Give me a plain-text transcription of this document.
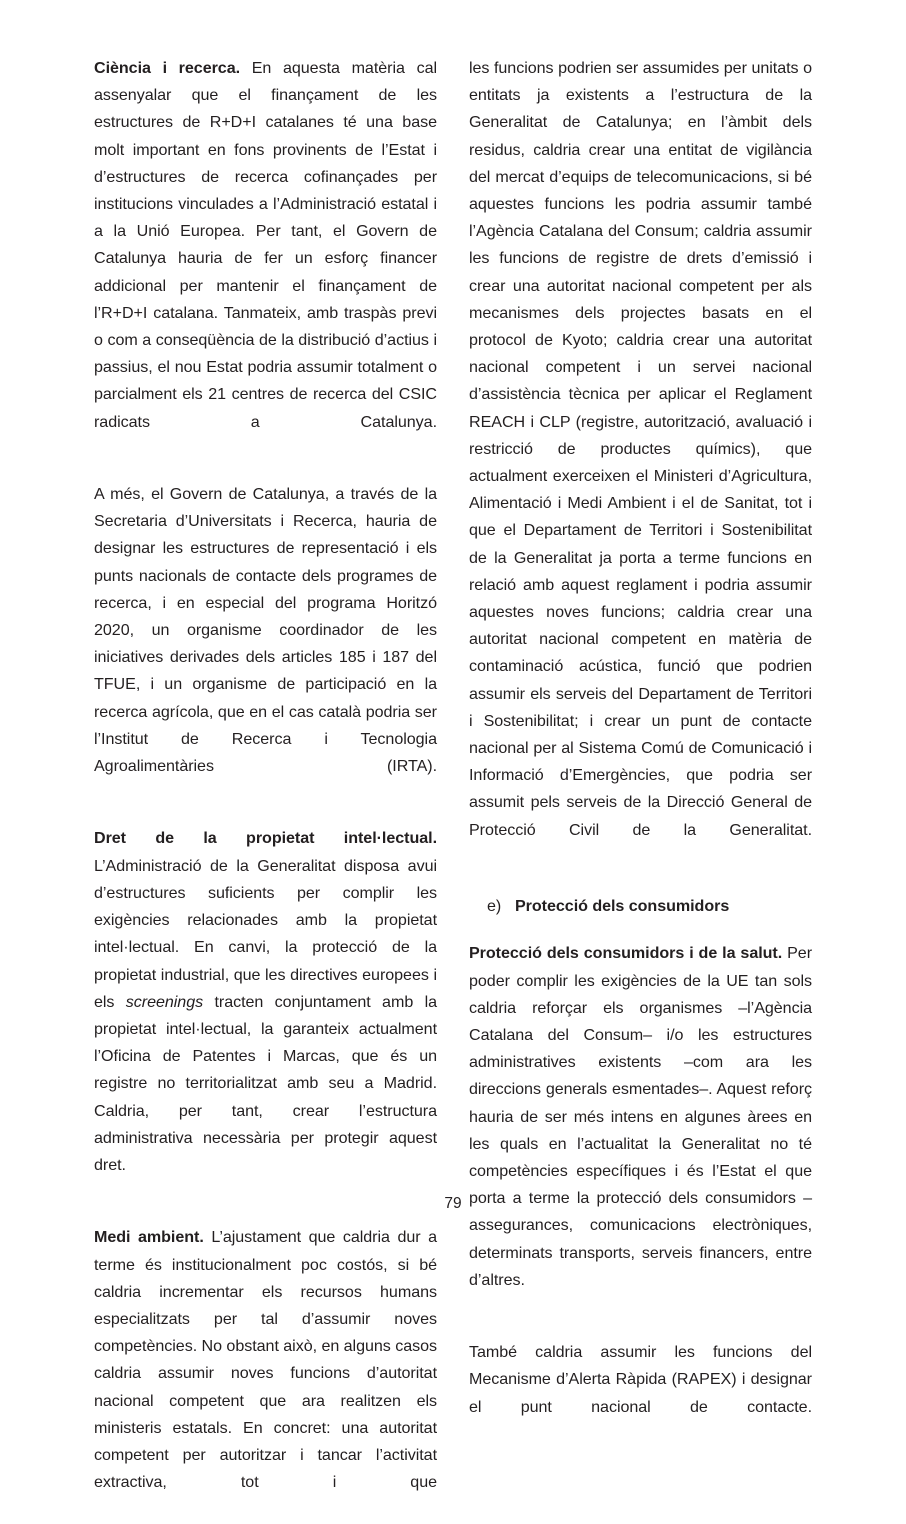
Ciència i recerca. En aquesta matèria cal assenyalar que el finançament de les estructures de R+D+I catalanes té una base molt important en fons provinents de l’Estat i d’estructures de recerca cofinançades per institucions vinculades a l’Administració estatal i a la Unió Europea. Per tant, el Govern de Catalunya hauria de fer un esforç financer addicional per mantenir el finançament de l’R+D+I catalana. Tanmateix, amb traspàs previ o com a conseqüència de la distribució d’actius i passius, el nou Estat podria assumir totalment o parcialment els 21 centres de recerca del CSIC radicats a Catalunya.

A més, el Govern de Catalunya, a través de la Secretaria d’Universitats i Recerca, hauria de designar les estructures de representació i els punts nacionals de contacte dels programes de recerca, i en especial del programa Horitzó 2020, un organisme coordinador de les iniciatives derivades dels articles 185 i 187 del TFUE, i un organisme de participació en la recerca agrícola, que en el cas català podria ser l’Institut de Recerca i Tecnologia Agroalimentàries (IRTA).

Dret de la propietat intel·lectual. L’Administració de la Generalitat disposa avui d’estructures suficients per complir les exigències relacionades amb la propietat intel·lectual. En canvi, la protecció de la propietat industrial, que les directives europees i els screenings tracten conjuntament amb la propietat intel·lectual, la garanteix actualment l’Oficina de Patentes i Marcas, que és un registre no territorialitzat amb seu a Madrid. Caldria, per tant, crear l’estructura administrativa necessària per protegir aquest dret.

Medi ambient. L’ajustament que caldria dur a terme és institucionalment poc costós, si bé caldria incrementar els recursos humans especialitzats per tal d’assumir noves competències. No obstant això, en alguns casos caldria assumir noves funcions d’autoritat nacional competent que ara realitzen els ministeris estatals. En concret: una autoritat competent per autoritzar i tancar l’activitat extractiva, tot i que

les funcions podrien ser assumides per unitats o entitats ja existents a l’estructura de la Generalitat de Catalunya; en l’àmbit dels residus, caldria crear una entitat de vigilància del mercat d’equips de telecomunicacions, si bé aquestes funcions les podria assumir també l’Agència Catalana del Consum; caldria assumir les funcions de registre de drets d’emissió i crear una autoritat nacional competent per als mecanismes dels projectes basats en el protocol de Kyoto; caldria crear una autoritat nacional competent i un servei nacional d’assistència tècnica per aplicar el Reglament REACH i CLP (registre, autorització, avaluació i restricció de productes químics), que actualment exerceixen el Ministeri d’Agricultura, Alimentació i Medi Ambient i el de Sanitat, tot i que el Departament de Territori i Sostenibilitat de la Generalitat ja porta a terme funcions en relació amb aquest reglament i podria assumir aquestes noves funcions; caldria crear una autoritat nacional competent en matèria de contaminació acústica, funció que podrien assumir els serveis del Departament de Territori i Sostenibilitat; i crear un punt de contacte nacional per al Sistema Comú de Comunicació i Informació d’Emergències, que podria ser assumit pels serveis de la Direcció General de Protecció Civil de la Generalitat.

e) Protecció dels consumidors

Protecció dels consumidors i de la salut. Per poder complir les exigències de la UE tan sols caldria reforçar els organismes –l’Agència Catalana del Consum– i/o les estructures administratives existents –com ara les direccions generals esmentades–. Aquest reforç hauria de ser més intens en algunes àrees en les quals en l’actualitat la Generalitat no té competències específiques i és l’Estat el que porta a terme la protecció dels consumidors – assegurances, comunicacions electròniques, determinats transports, serveis financers, entre d’altres.

També caldria assumir les funcions del Mecanisme d’Alerta Ràpida (RAPEX) i designar el punt nacional de contacte.

79
